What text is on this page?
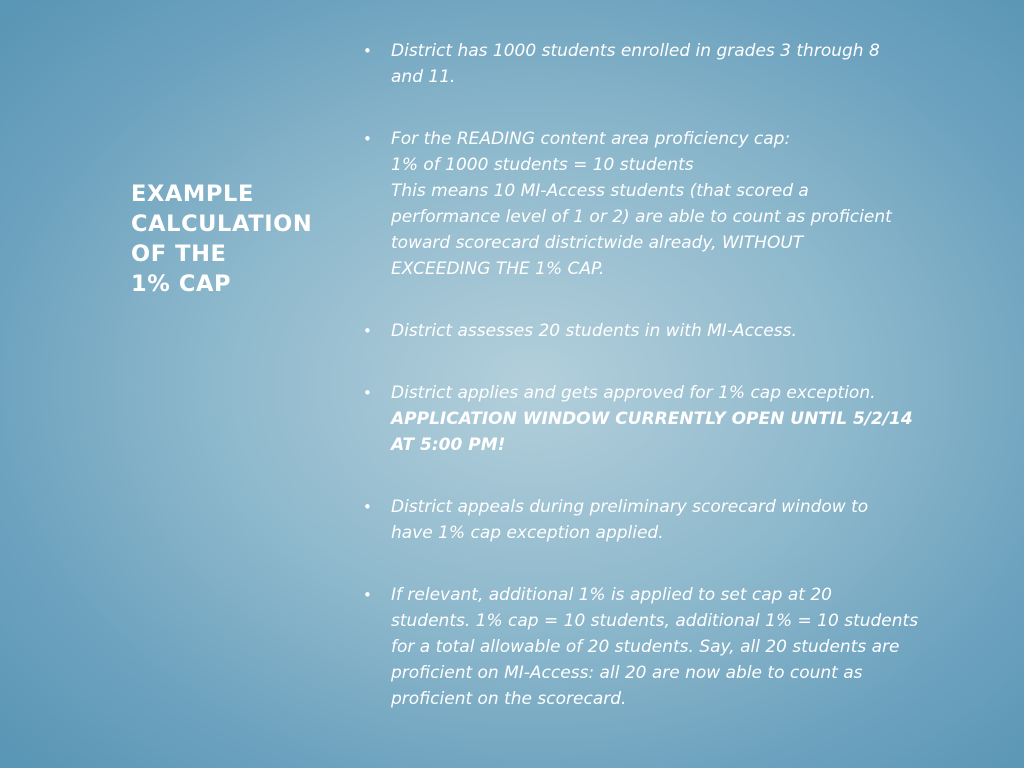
EXAMPLE
CALCULATION
OF THE
1% CAP
• District has 1000 students enrolled in grades 3 through 8
and 11.
• For the READING content area proficiency cap:
1% of 1000 students = 10 students
This means 10 MI-Access students (that scored a
performance level of 1 or 2) are able to count as proficient
toward scorecard districtwide already, WITHOUT
EXCEEDING THE 1% CAP.
• District assesses 20 students in with MI-Access.
• District applies and gets approved for 1% cap exception.
APPLICATION WINDOW CURRENTLY OPEN UNTIL 5/2/14
AT 5:00 PM!
• District appeals during preliminary scorecard window to
have 1% cap exception applied.
• If relevant, additional 1% is applied to set cap at 20
students. 1% cap = 10 students, additional 1% = 10 students
for a total allowable of 20 students. Say, all 20 students are
proficient on MI-Access: all 20 are now able to count as
proficient on the scorecard.
